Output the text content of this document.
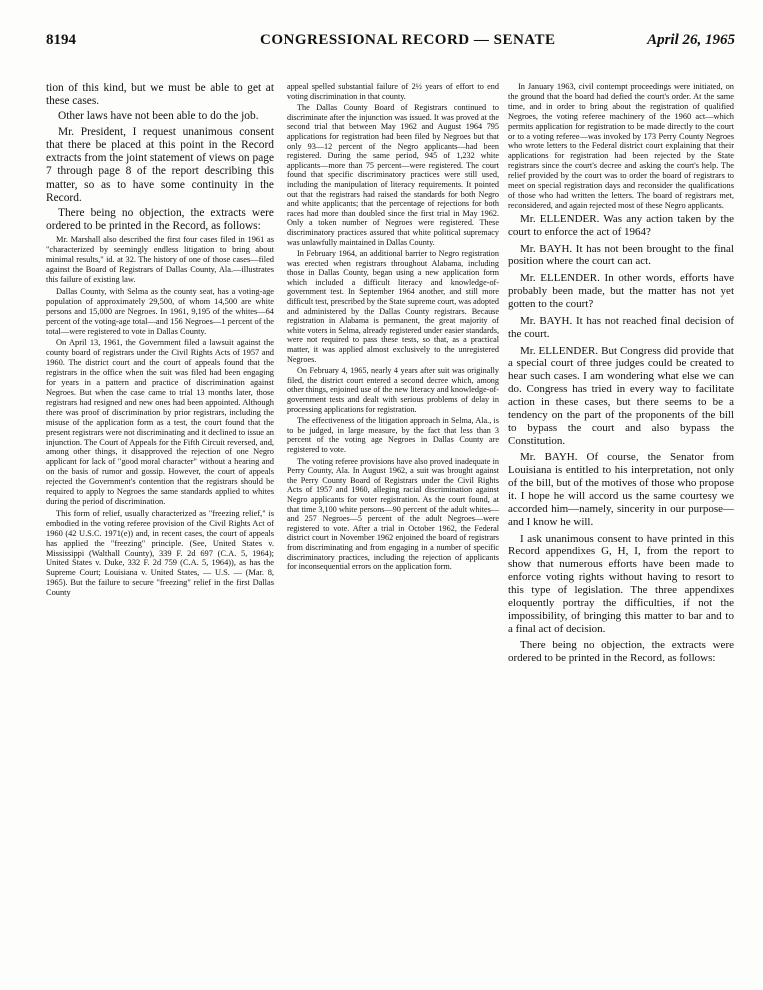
8194	CONGRESSIONAL RECORD — SENATE	April 26, 1965

tion of this kind, but we must be able to get at these cases.

Other laws have not been able to do the job.

Mr. President, I request unanimous consent that there be placed at this point in the Record extracts from the joint statement of views on page 7 through page 8 of the report describing this matter, so as to have some continuity in the Record.

There being no objection, the extracts were ordered to be printed in the Record, as follows:

Mr. Marshall also described the first four cases filed in 1961 as "characterized by seemingly endless litigation to bring about minimal results," id. at 32. The history of one of those cases—filed against the Board of Registrars of Dallas County, Ala.—illustrates this failure of existing law.

Dallas County, with Selma as the county seat, has a voting-age population of approximately 29,500, of whom 14,500 are white persons and 15,000 are Negroes. In 1961, 9,195 of the whites—64 percent of the voting-age total—and 156 Negroes—1 percent of the total—were registered to vote in Dallas County.

On April 13, 1961, the Government filed a lawsuit against the county board of registrars under the Civil Rights Acts of 1957 and 1960. The district court and the court of appeals found that the registrars in the office when the suit was filed had been engaging for years in a pattern and practice of discrimination against Negroes. But when the case came to trial 13 months later, those registrars had resigned and new ones had been appointed. Although there was proof of discrimination by prior registrars, including the misuse of the application form as a test, the court found that the present registrars were not discriminating and it declined to issue an injunction. The Court of Appeals for the Fifth Circuit reversed, and, among other things, it disapproved the rejection of one Negro applicant for lack of "good moral character" without a hearing and on the basis of rumor and gossip. However, the court of appeals rejected the Government's contention that the registrars should be required to apply to Negroes the same standards applied to whites during the period of discrimination.

This form of relief, usually characterized as "freezing relief," is embodied in the voting referee provision of the Civil Rights Act of 1960 (42 U.S.C. 1971(e)) and, in recent cases, the court of appeals has applied the "freezing" principle. (See, United States v. Mississippi (Walthall County), 339 F. 2d 697 (C.A. 5, 1964); United States v. Duke, 332 F. 2d 759 (C.A. 5, 1964)), as has the Supreme Court; Louisiana v. United States, — U.S. — (Mar. 8, 1965). But the failure to secure "freezing" relief in the first Dallas County

appeal spelled substantial failure of 2½ years of effort to end voting discrimination in that county.

The Dallas County Board of Registrars continued to discriminate after the injunction was issued. It was proved at the second trial that between May 1962 and August 1964 795 applications for registration had been filed by Negroes but that only 93—12 percent of the Negro applicants—had been registered. During the same period, 945 of 1,232 white applicants—more than 75 percent—were registered. The court found that specific discriminatory practices were still used, including the manipulation of literacy requirements. It pointed out that the registrars had raised the standards for both Negro and white applicants; that the percentage of rejections for both races had more than doubled since the first trial in May 1962. Only a token number of Negroes were registered. These discriminatory practices assured that white political supremacy was unlawfully maintained in Dallas County.

In February 1964, an additional barrier to Negro registration was erected when registrars throughout Alabama, including those in Dallas County, began using a new application form which included a difficult literacy and knowledge-of-government test. In September 1964 another, and still more difficult test, prescribed by the State supreme court, was adopted and administered by the Dallas County registrars. Because registration in Alabama is permanent, the great majority of white voters in Selma, already registered under easier standards, were not required to pass these tests, so that, as a practical matter, it was applied almost exclusively to the unregistered Negroes.

On February 4, 1965, nearly 4 years after suit was originally filed, the district court entered a second decree which, among other things, enjoined use of the new literacy and knowledge-of-government tests and dealt with serious problems of delay in processing applications for registration.

The effectiveness of the litigation approach in Selma, Ala., is to be judged, in large measure, by the fact that less than 3 percent of the voting age Negroes in Dallas County are registered to vote.

The voting referee provisions have also proved inadequate in Perry County, Ala. In August 1962, a suit was brought against the Perry County Board of Registrars under the Civil Rights Acts of 1957 and 1960, alleging racial discrimination against Negro applicants for voter registration. As the court found, at that time 3,100 white persons—90 percent of the adult whites—and 257 Negroes—5 percent of the adult Negroes—were registered to vote. After a trial in October 1962, the Federal district court in November 1962 enjoined the board of registrars from discriminating and from engaging in a number of specific discriminatory practices, including the rejection of applicants for inconsequential errors on the application form.

In January 1963, civil contempt proceedings were initiated, on the ground that the board had defied the court's order. At the same time, and in order to bring about the registration of qualified Negroes, the voting referee machinery of the 1960 act—which permits application for registration to be made directly to the court or to a voting referee—was invoked by 173 Perry County Negroes who wrote letters to the Federal district court explaining that their applications for registration had been rejected by the State registrars since the court's decree and asking the court's help. The relief provided by the court was to order the board of registrars to meet on special registration days and reconsider the qualifications of those who had written the letters. The board of registrars met, reconsidered, and again rejected most of these Negro applicants.

Mr. ELLENDER. Was any action taken by the court to enforce the act of 1964?

Mr. BAYH. It has not been brought to the final position where the court can act.

Mr. ELLENDER. In other words, efforts have probably been made, but the matter has not yet gotten to the court?

Mr. BAYH. It has not reached final decision of the court.

Mr. ELLENDER. But Congress did provide that a special court of three judges could be created to hear such cases. I am wondering what else we can do. Congress has tried in every way to facilitate action in these cases, but there seems to be a tendency on the part of the proponents of the bill to bypass the court and also bypass the Constitution.

Mr. BAYH. Of course, the Senator from Louisiana is entitled to his interpretation, not only of the bill, but of the motives of those who propose it. I hope he will accord us the same courtesy we accorded him—namely, sincerity in our purpose—and I know he will.

I ask unanimous consent to have printed in this Record appendixes G, H, I, from the report to show that numerous efforts have been made to enforce voting rights without having to resort to this type of legislation. The three appendixes eloquently portray the difficulties, if not the impossibility, of bringing this matter to bar and to a final act of decision.

There being no objection, the extracts were ordered to be printed in the Record, as follows:
